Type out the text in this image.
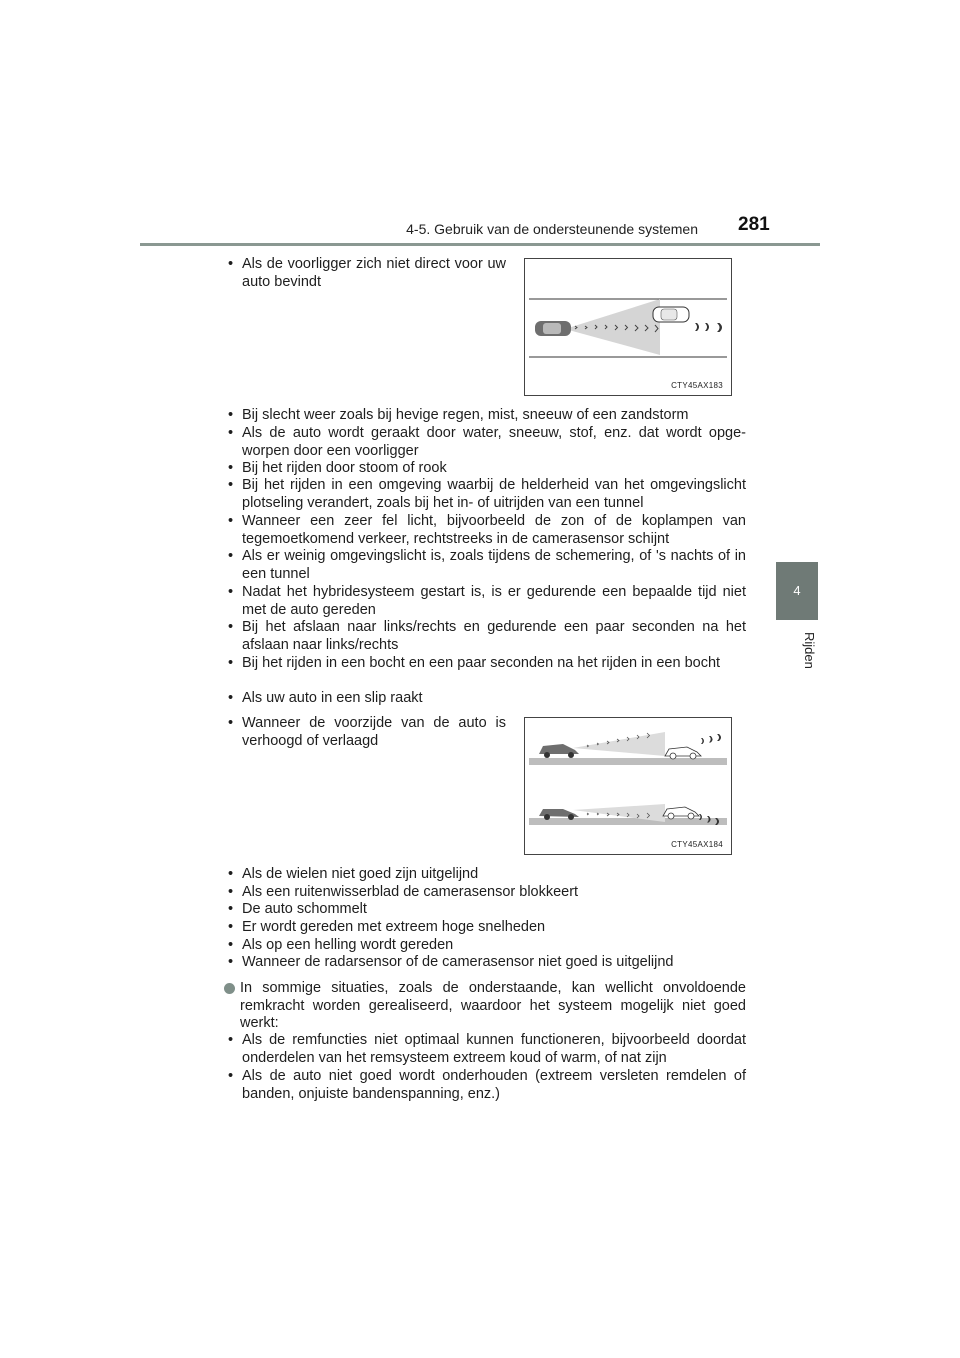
4-5. Gebruik van de ondersteunende systemen 281
4
Rijden
• Als de voorligger zich niet direct voor uw auto bevindt
CTY45AX183
• Bij slecht weer zoals bij hevige regen, mist, sneeuw of een zandstorm
• Als de auto wordt geraakt door water, sneeuw, stof, enz. dat wordt opgeworpen door een voorligger
• Bij het rijden door stoom of rook
• Bij het rijden in een omgeving waarbij de helderheid van het omgevingslicht plotseling verandert, zoals bij het in- of uitrijden van een tunnel
• Wanneer een zeer fel licht, bijvoorbeeld de zon of de koplampen van tegemoetkomend verkeer, rechtstreeks in de camerasensor schijnt
• Als er weinig omgevingslicht is, zoals tijdens de schemering, of 's nachts of in een tunnel
• Nadat het hybridesysteem gestart is, is er gedurende een bepaalde tijd niet met de auto gereden
• Bij het afslaan naar links/rechts en gedurende een paar seconden na het afslaan naar links/rechts
• Bij het rijden in een bocht en een paar seconden na het rijden in een bocht
• Als uw auto in een slip raakt
• Wanneer de voorzijde van de auto is verhoogd of verlaagd
CTY45AX184
• Als de wielen niet goed zijn uitgelijnd
• Als een ruitenwisserblad de camerasensor blokkeert
• De auto schommelt
• Er wordt gereden met extreem hoge snelheden
• Als op een helling wordt gereden
• Wanneer de radarsensor of de camerasensor niet goed is uitgelijnd
In sommige situaties, zoals de onderstaande, kan wellicht onvoldoende remkracht worden gerealiseerd, waardoor het systeem mogelijk niet goed werkt:
• Als de remfuncties niet optimaal kunnen functioneren, bijvoorbeeld doordat onderdelen van het remsysteem extreem koud of warm, of nat zijn
• Als de auto niet goed wordt onderhouden (extreem versleten remdelen of banden, onjuiste bandenspanning, enz.)
